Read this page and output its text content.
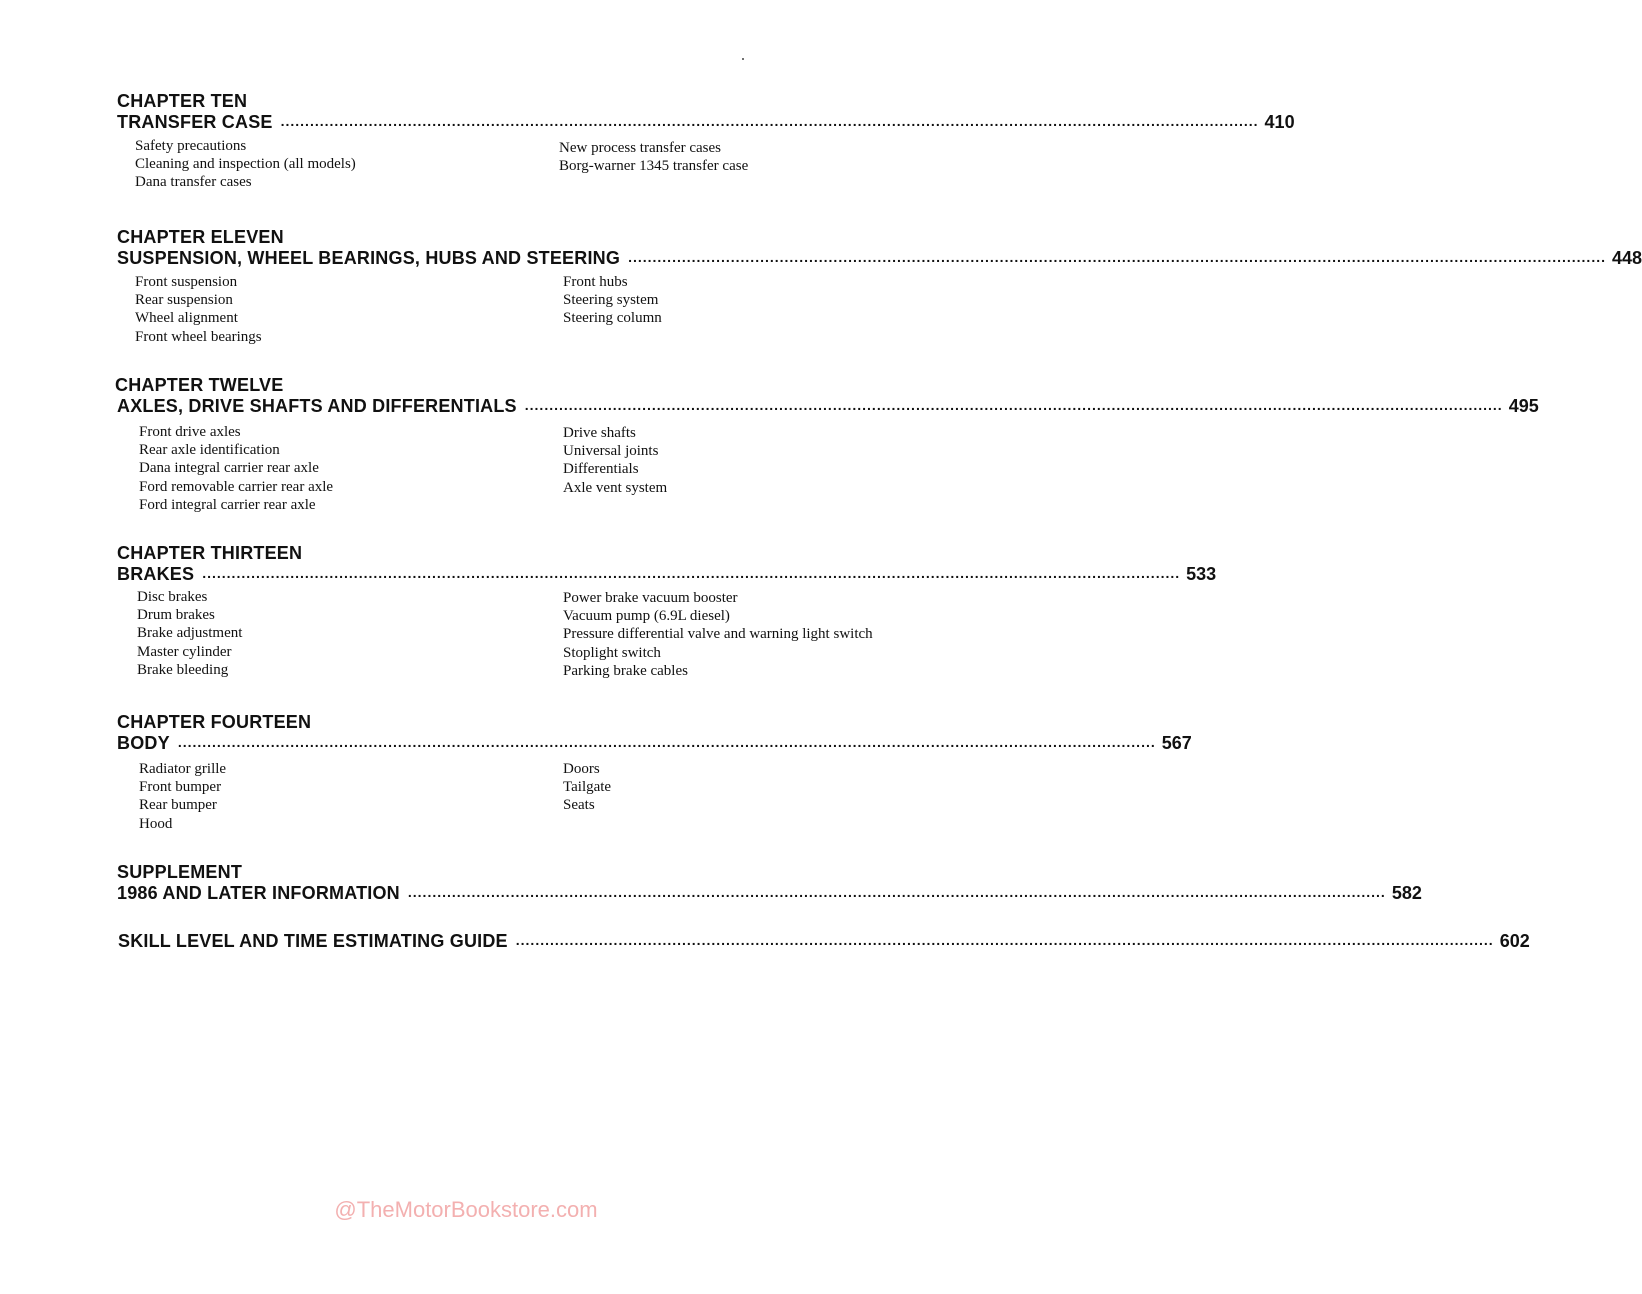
CHAPTER TEN
TRANSFER CASE ........................................................................................................................................................................................................ 410
Safety precautions
Cleaning and inspection (all models)
Dana transfer cases
New process transfer cases
Borg-warner 1345 transfer case
CHAPTER ELEVEN
SUSPENSION, WHEEL BEARINGS, HUBS AND STEERING ........................................................................................................................................................................................................ 448
Front suspension
Rear suspension
Wheel alignment
Front wheel bearings
Front hubs
Steering system
Steering column
CHAPTER TWELVE
AXLES, DRIVE SHAFTS AND DIFFERENTIALS ........................................................................................................................................................................................................ 495
Front drive axles
Rear axle identification
Dana integral carrier rear axle
Ford removable carrier rear axle
Ford integral carrier rear axle
Drive shafts
Universal joints
Differentials
Axle vent system
CHAPTER THIRTEEN
BRAKES ........................................................................................................................................................................................................ 533
Disc brakes
Drum brakes
Brake adjustment
Master cylinder
Brake bleeding
Power brake vacuum booster
Vacuum pump (6.9L diesel)
Pressure differential valve and warning light switch
Stoplight switch
Parking brake cables
CHAPTER FOURTEEN
BODY ........................................................................................................................................................................................................ 567
Radiator grille
Front bumper
Rear bumper
Hood
Doors
Tailgate
Seats
SUPPLEMENT
1986 AND LATER INFORMATION ........................................................................................................................................................................................................ 582
SKILL LEVEL AND TIME ESTIMATING GUIDE ........................................................................................................................................................................................................ 602
@TheMotorBookstore.com
